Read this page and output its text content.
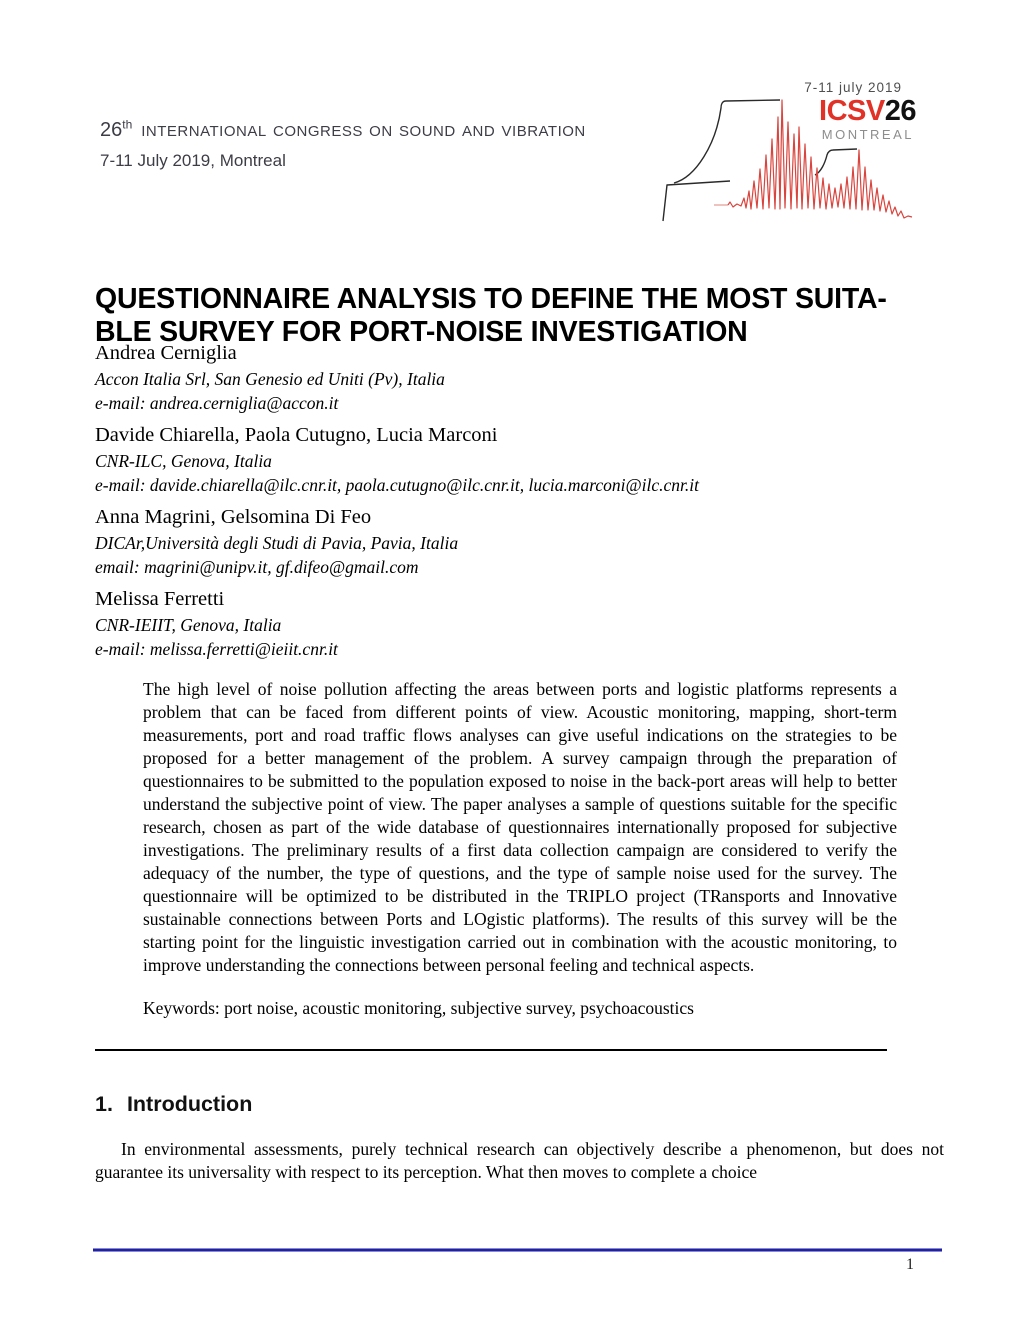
26th international congress on sound and vibration
7-11 July 2019, Montreal
7-11 july 2019
ICSV26
MONTREAL
QUESTIONNAIRE ANALYSIS TO DEFINE THE MOST SUITA-
BLE SURVEY FOR PORT-NOISE INVESTIGATION
Andrea Cerniglia
Accon Italia Srl, San Genesio ed Uniti (Pv), Italia
e-mail: andrea.cerniglia@accon.it
Davide Chiarella, Paola Cutugno, Lucia Marconi
CNR-ILC, Genova, Italia
e-mail: davide.chiarella@ilc.cnr.it, paola.cutugno@ilc.cnr.it, lucia.marconi@ilc.cnr.it
Anna Magrini, Gelsomina Di Feo
DICAr,Università degli Studi di Pavia, Pavia, Italia
email: magrini@unipv.it, gf.difeo@gmail.com
Melissa Ferretti
CNR-IEIIT, Genova, Italia
e-mail: melissa.ferretti@ieiit.cnr.it

The high level of noise pollution affecting the areas between ports and logistic platforms represents a problem that can be faced from different points of view. Acoustic monitoring, mapping, short-term measurements, port and road traffic flows analyses can give useful indications on the strategies to be proposed for a better management of the problem. A survey campaign through the preparation of questionnaires to be submitted to the population exposed to noise in the back-port areas will help to better understand the subjective point of view. The paper analyses a sample of questions suitable for the specific research, chosen as part of the wide database of questionnaires internationally proposed for subjective investigations. The preliminary results of a first data collection campaign are considered to verify the adequacy of the number, the type of questions, and the type of sample noise used for the survey. The questionnaire will be optimized to be distributed in the TRIPLO project (TRansports and Innovative sustainable connections between Ports and LOgistic platforms). The results of this survey will be the starting point for the linguistic investigation carried out in combination with the acoustic monitoring, to improve understanding the connections between personal feeling and technical aspects.

Keywords: port noise, acoustic monitoring, subjective survey, psychoacoustics

1. Introduction

In environmental assessments, purely technical research can objectively describe a phenomenon, but does not guarantee its universality with respect to its perception. What then moves to complete a choice

1
